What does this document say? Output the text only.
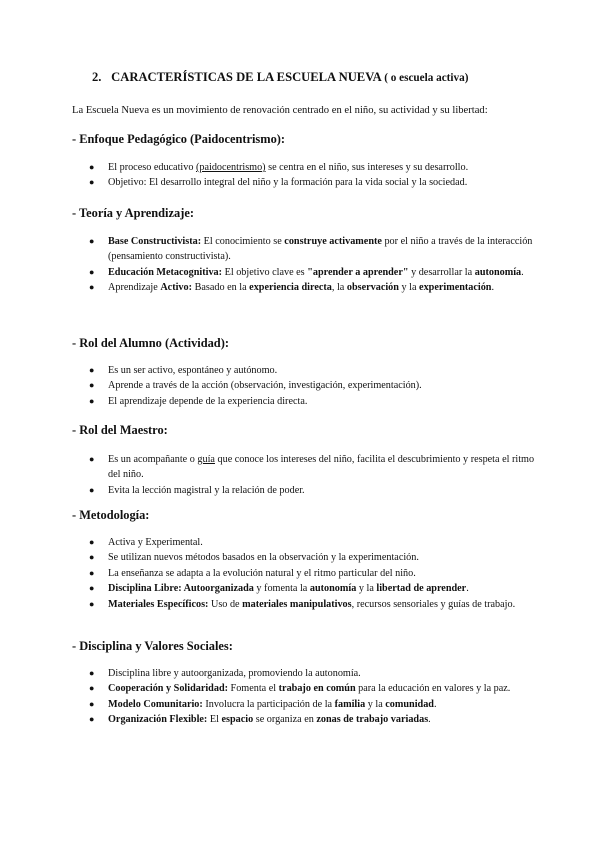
2. CARACTERÍSTICAS DE LA ESCUELA NUEVA ( o escuela activa)
La Escuela Nueva es un movimiento de renovación centrado en el niño, su actividad y su libertad:
- Enfoque Pedagógico (Paidocentrismo):
● El proceso educativo (paidocentrismo) se centra en el niño, sus intereses y su desarrollo.
● Objetivo: El desarrollo integral del niño y la formación para la vida social y la sociedad.
- Teoría y Aprendizaje:
● Base Constructivista: El conocimiento se construye activamente por el niño a través de la interacción (pensamiento constructivista).
● Educación Metacognitiva: El objetivo clave es "aprender a aprender" y desarrollar la autonomía.
● Aprendizaje Activo: Basado en la experiencia directa, la observación y la experimentación.
- Rol del Alumno (Actividad):
● Es un ser activo, espontáneo y autónomo.
● Aprende a través de la acción (observación, investigación, experimentación).
● El aprendizaje depende de la experiencia directa.
- Rol del Maestro:
● Es un acompañante o guía que conoce los intereses del niño, facilita el descubrimiento y respeta el ritmo del niño.
● Evita la lección magistral y la relación de poder.
- Metodología:
● Activa y Experimental.
● Se utilizan nuevos métodos basados en la observación y la experimentación.
● La enseñanza se adapta a la evolución natural y el ritmo particular del niño.
● Disciplina Libre: Autoorganizada y fomenta la autonomía y la libertad de aprender.
● Materiales Específicos: Uso de materiales manipulativos, recursos sensoriales y guías de trabajo.
- Disciplina y Valores Sociales:
● Disciplina libre y autoorganizada, promoviendo la autonomía.
● Cooperación y Solidaridad: Fomenta el trabajo en común para la educación en valores y la paz.
● Modelo Comunitario: Involucra la participación de la familia y la comunidad.
● Organización Flexible: El espacio se organiza en zonas de trabajo variadas.
